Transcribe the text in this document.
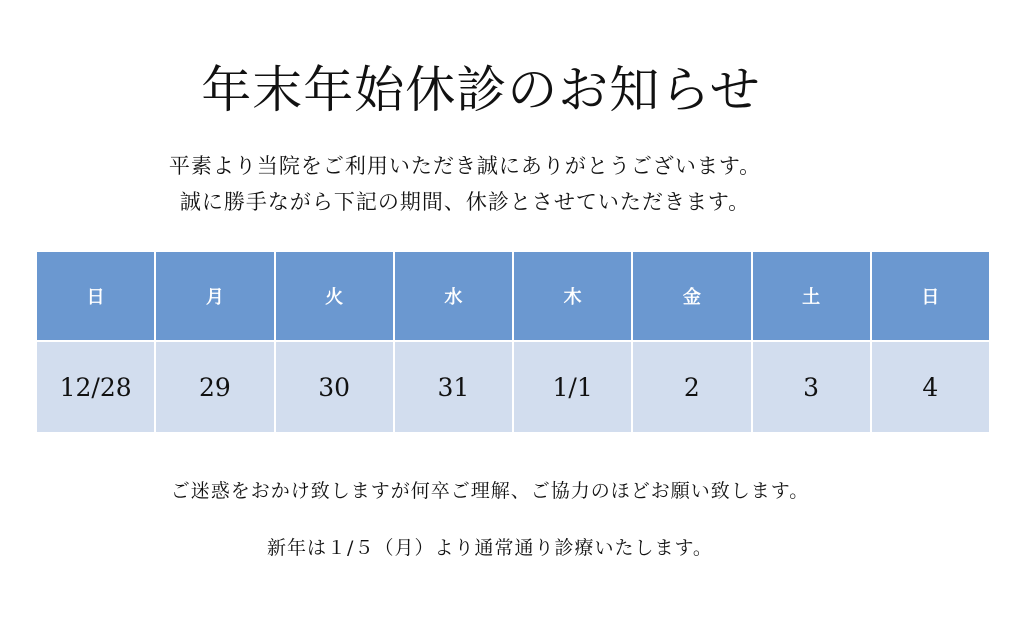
年末年始休診のお知らせ
平素より当院をご利用いただき誠にありがとうございます。
誠に勝手ながら下記の期間、休診とさせていただきます。
日	月	火	水	木	金	土	日
12/28	29	30	31	1/1	2	3	4
ご迷惑をおかけ致しますが何卒ご理解、ご協力のほどお願い致します。
新年は１/５（月）より通常通り診療いたします。
